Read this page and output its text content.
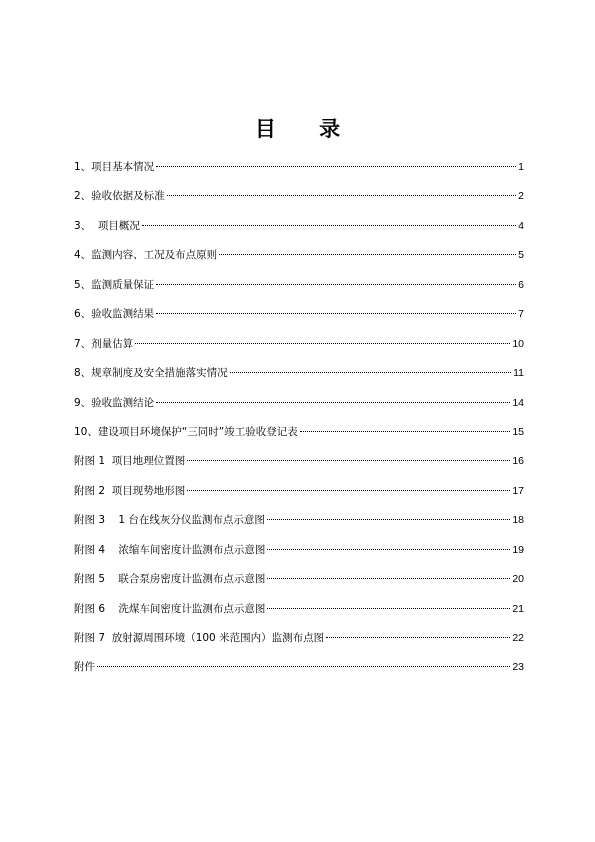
目 录
1、项目基本情况	1
2、验收依据及标准	2
3、  项目概况	4
4、监测内容、工况及布点原则	5
5、监测质量保证	6
6、验收监测结果	7
7、剂量估算	10
8、规章制度及安全措施落实情况	11
9、验收监测结论	14
10、建设项目环境保护“三同时”竣工验收登记表	15
附图 1  项目地理位置图	16
附图 2  项目现势地形图	17
附图 3    1 台在线灰分仪监测布点示意图	18
附图 4    浓缩车间密度计监测布点示意图	19
附图 5    联合泵房密度计监测布点示意图	20
附图 6    洗煤车间密度计监测布点示意图	21
附图 7  放射源周围环境（100 米范围内）监测布点图	22
附件	23
